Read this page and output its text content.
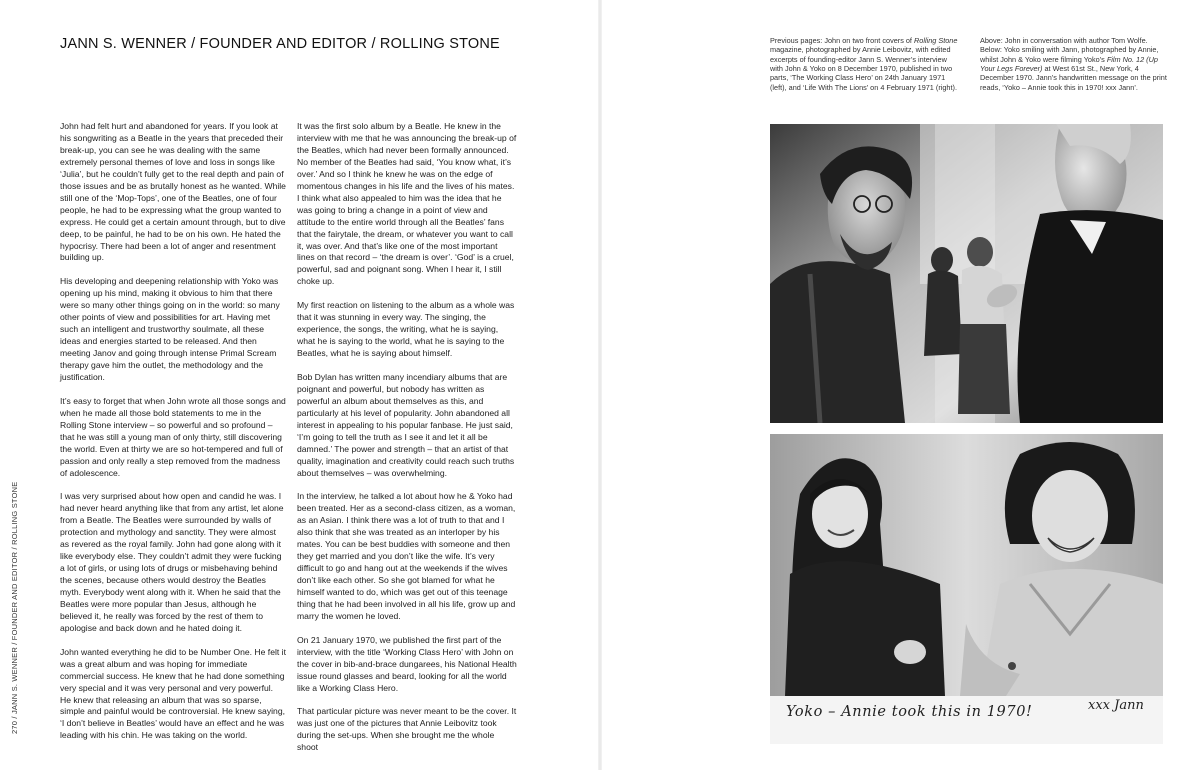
JANN S. WENNER / FOUNDER AND EDITOR / ROLLING STONE

John had felt hurt and abandoned for years. If you look at his songwriting as a Beatle in the years that preceded their break-up, you can see he was dealing with the same extremely personal themes of love and loss in songs like ‘Julia’, but he couldn’t fully get to the real depth and pain of those issues and be as brutally honest as he wanted. While still one of the ‘Mop-Tops’, one of the Beatles, one of four people, he had to be expressing what the group wanted to express. He could get a certain amount through, but to dive deep, to be painful, he had to be on his own. He hated the hypocrisy. There had been a lot of anger and resentment building up.

His developing and deepening relationship with Yoko was opening up his mind, making it obvious to him that there were so many other things going on in the world: so many other points of view and possibilities for art. Having met such an intelligent and trustworthy soulmate, all these ideas and energies started to be released. And then meeting Janov and going through intense Primal Scream therapy gave him the outlet, the methodology and the justification.

It’s easy to forget that when John wrote all those songs and when he made all those bold statements to me in the Rolling Stone interview – so powerful and so profound – that he was still a young man of only thirty, still discovering the world. Even at thirty we are so hot-tempered and full of passion and only really a step removed from the madness of adolescence.

I was very surprised about how open and candid he was. I had never heard anything like that from any artist, let alone from a Beatle. The Beatles were surrounded by walls of protection and mythology and sanctity. They were almost as revered as the royal family. John had gone along with it like everybody else. They couldn’t admit they were fucking a lot of girls, or using lots of drugs or misbehaving behind the scenes, because others would destroy the Beatles myth. Everybody went along with it. When he said that the Beatles were more popular than Jesus, although he believed it, he really was forced by the rest of them to apologise and back down and he hated doing it.

John wanted everything he did to be Number One. He felt it was a great album and was hoping for immediate commercial success. He knew that he had done something very special and it was very personal and very powerful. He knew that releasing an album that was so sparse, simple and painful would be controversial. He knew saying, ‘I don’t believe in Beatles’ would have an effect and he was leading with his chin. He was taking on the world.

It was the first solo album by a Beatle. He knew in the interview with me that he was announcing the break-up of the Beatles, which had never been formally announced. No member of the Beatles had said, ‘You know what, it’s over.’ And so I think he knew he was on the edge of momentous changes in his life and the lives of his mates. I think what also appealed to him was the idea that he was going to bring a change in a point of view and attitude to the entire world through all the Beatles’ fans that the fairytale, the dream, or whatever you want to call it, was over. And that’s like one of the most important lines on that record – ‘the dream is over’. ‘God’ is a cruel, powerful, sad and poignant song. When I hear it, I still choke up.

My first reaction on listening to the album as a whole was that it was stunning in every way. The singing, the experience, the songs, the writing, what he is saying, what he is saying to the world, what he is saying to the Beatles, what he is saying about himself.

Bob Dylan has written many incendiary albums that are poignant and powerful, but nobody has written as powerful an album about themselves as this, and particularly at his level of popularity. John abandoned all interest in appealing to his popular fanbase. He just said, ‘I’m going to tell the truth as I see it and let it all be damned.’ The power and strength – that an artist of that quality, imagination and creativity could reach such truths about themselves – was overwhelming.

In the interview, he talked a lot about how he & Yoko had been treated. Her as a second-class citizen, as a woman, as an Asian. I think there was a lot of truth to that and I also think that she was treated as an interloper by his mates. You can be best buddies with someone and then they get married and you don’t like the wife. It’s very difficult to go and hang out at the weekends if the wives don’t like each other. So she got blamed for what he himself wanted to do, which was get out of this teenage thing that he had been involved in all his life, grow up and marry the women he loved.

On 21 January 1970, we published the first part of the interview, with the title ‘Working Class Hero’ with John on the cover in bib-and-brace dungarees, his National Health issue round glasses and beard, looking for all the world like a Working Class Hero.

That particular picture was never meant to be the cover. It was just one of the pictures that Annie Leibovitz took during the set-ups. When she brought me the whole shoot

270 / JANN S. WENNER / FOUNDER AND EDITOR / ROLLING STONE
Previous pages: John on two front covers of Rolling Stone magazine, photographed by Annie Leibovitz, with edited excerpts of founding-editor Jann S. Wenner’s interview with John & Yoko on 8 December 1970, published in two parts, ‘The Working Class Hero’ on 24th January 1971 (left), and ‘Life With The Lions’ on 4 February 1971 (right).
Above: John in conversation with author Tom Wolfe. Below: Yoko smiling with Jann, photographed by Annie, whilst John & Yoko were filming Yoko’s Film No. 12 (Up Your Legs Forever) at West 61st St., New York, 4 December 1970. Jann’s handwritten message on the print reads, ‘Yoko – Annie took this in 1970! xxx Jann’.
Yoko – Annie took this in 1970!	xxx Jann
